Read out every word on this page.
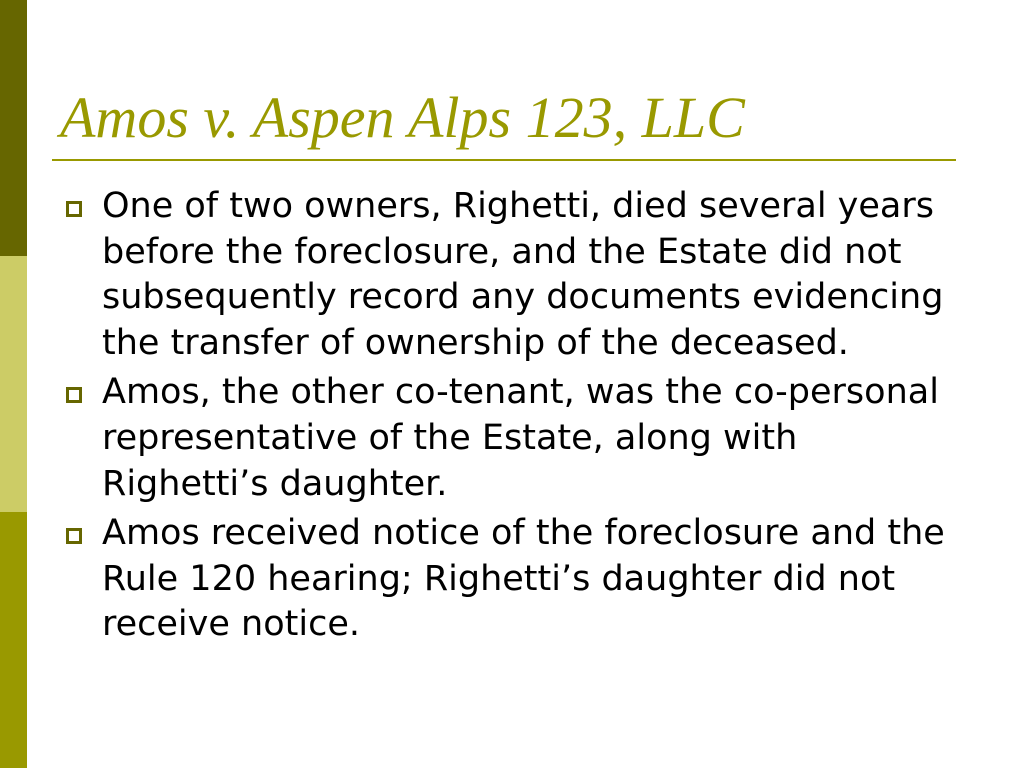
Amos v. Aspen Alps 123, LLC
One of two owners, Righetti, died several years before the foreclosure, and the Estate did not subsequently record any documents evidencing the transfer of ownership of the deceased.
Amos, the other co-tenant, was the co-personal representative of the Estate, along with Righetti’s daughter.
Amos received notice of the foreclosure and the Rule 120 hearing; Righetti’s daughter did not receive notice.
